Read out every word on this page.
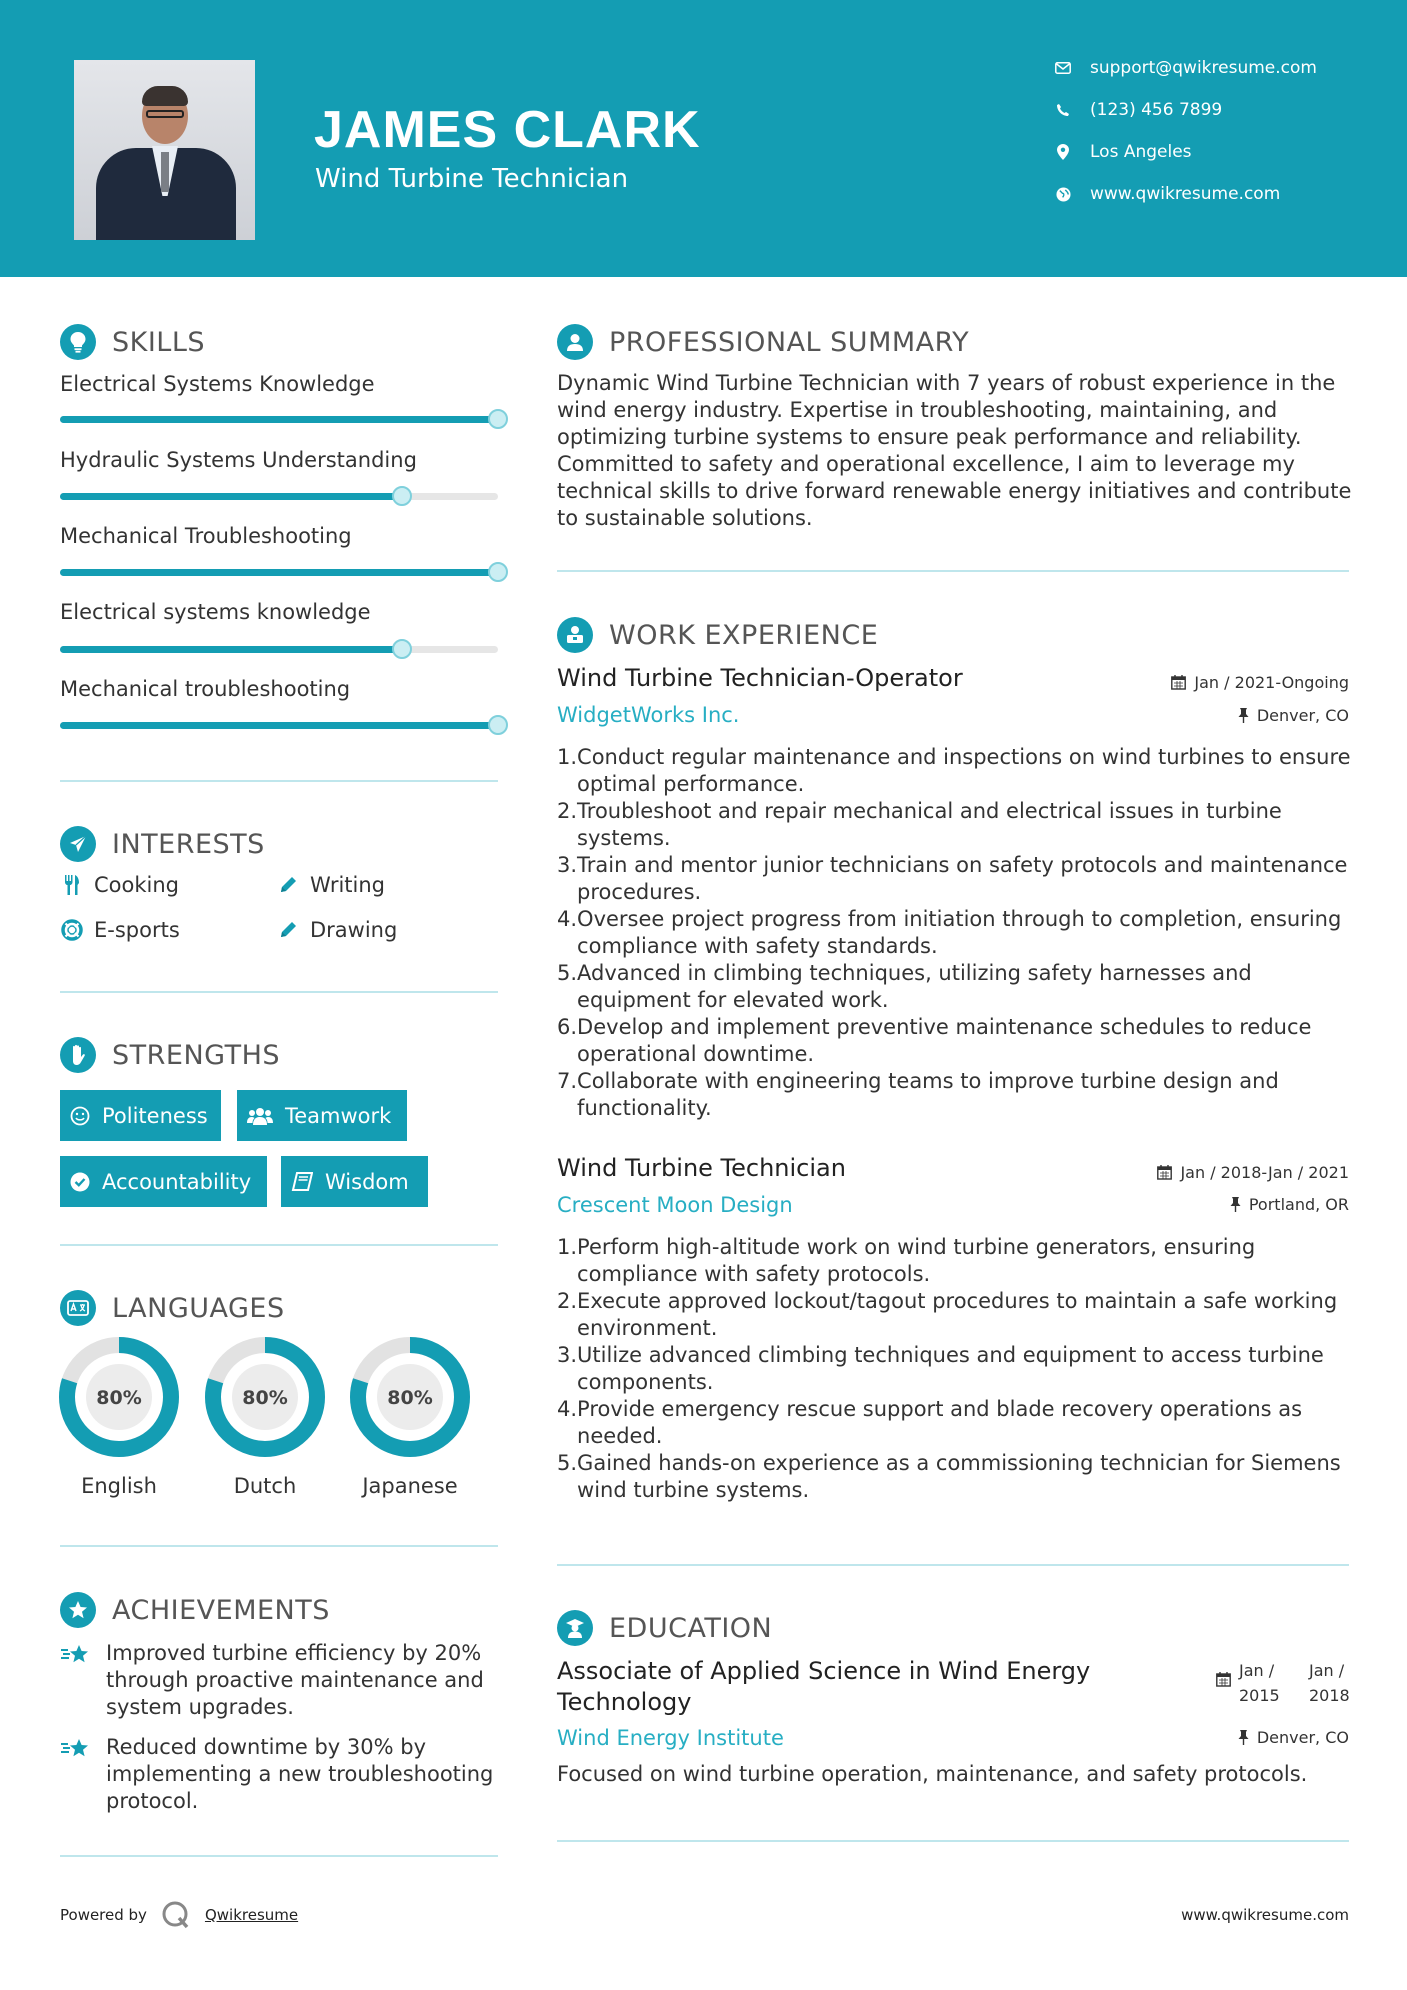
JAMES CLARK
Wind Turbine Technician
support@qwikresume.com
(123) 456 7899
Los Angeles
www.qwikresume.com
SKILLS
Electrical Systems Knowledge
Hydraulic Systems Understanding
Mechanical Troubleshooting
Electrical systems knowledge
Mechanical troubleshooting
INTERESTS
Cooking	Writing
E-sports	Drawing
STRENGTHS
Politeness	Teamwork
Accountability	Wisdom
LANGUAGES
80%
English
80%
Dutch
80%
Japanese
ACHIEVEMENTS
Improved turbine efficiency by 20% through proactive maintenance and system upgrades.
Reduced downtime by 30% by implementing a new troubleshooting protocol.
PROFESSIONAL SUMMARY
Dynamic Wind Turbine Technician with 7 years of robust experience in the wind energy industry. Expertise in troubleshooting, maintaining, and optimizing turbine systems to ensure peak performance and reliability. Committed to safety and operational excellence, I aim to leverage my technical skills to drive forward renewable energy initiatives and contribute to sustainable solutions.
WORK EXPERIENCE
Wind Turbine Technician-Operator
WidgetWorks Inc.
Jan / 2021-Ongoing
Denver, CO
1. Conduct regular maintenance and inspections on wind turbines to ensure optimal performance.
2. Troubleshoot and repair mechanical and electrical issues in turbine systems.
3. Train and mentor junior technicians on safety protocols and maintenance procedures.
4. Oversee project progress from initiation through to completion, ensuring compliance with safety standards.
5. Advanced in climbing techniques, utilizing safety harnesses and equipment for elevated work.
6. Develop and implement preventive maintenance schedules to reduce operational downtime.
7. Collaborate with engineering teams to improve turbine design and functionality.
Wind Turbine Technician
Crescent Moon Design
Jan / 2018-Jan / 2021
Portland, OR
1. Perform high-altitude work on wind turbine generators, ensuring compliance with safety protocols.
2. Execute approved lockout/tagout procedures to maintain a safe working environment.
3. Utilize advanced climbing techniques and equipment to access turbine components.
4. Provide emergency rescue support and blade recovery operations as needed.
5. Gained hands-on experience as a commissioning technician for Siemens wind turbine systems.
EDUCATION
Associate of Applied Science in Wind Energy
Technology
Wind Energy Institute
Jan /
2015
Jan /
2018
Denver, CO
Focused on wind turbine operation, maintenance, and safety protocols.
Powered by	Qwikresume	www.qwikresume.com
